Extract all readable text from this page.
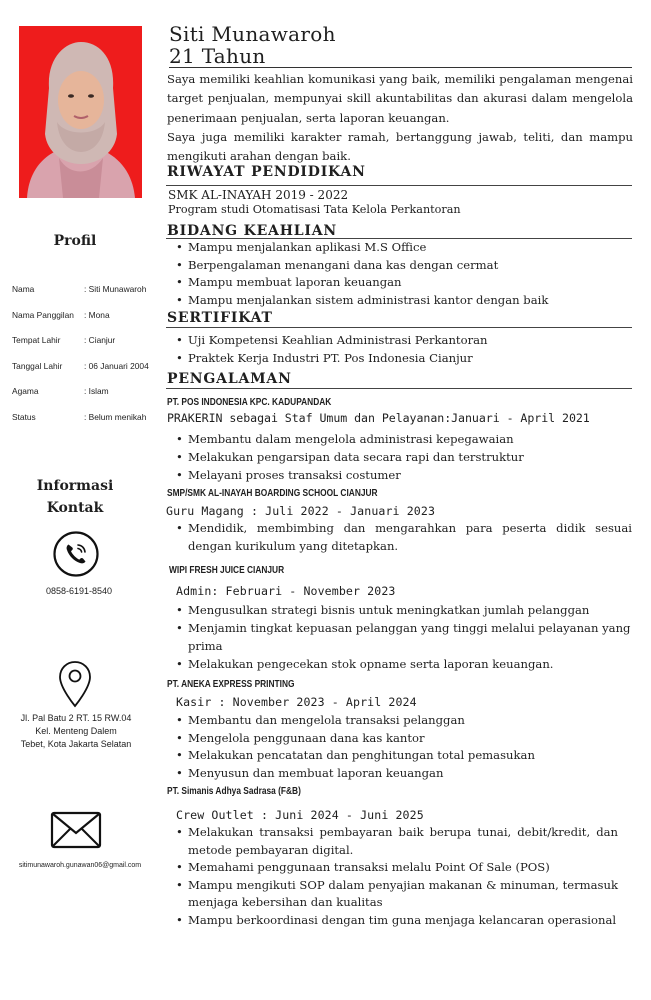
Profil
Nama	: Siti Munawaroh
Nama Panggilan	: Mona
Tempat Lahir	: Cianjur
Tanggal Lahir	: 06 Januari 2004
Agama	: Islam
Status	: Belum menikah
Informasi
Kontak
0858-6191-8540
Jl. Pal Batu 2 RT. 15 RW.04
Kel. Menteng Dalem
Tebet, Kota Jakarta Selatan
sitimunawaroh.gunawan06@gmail.com
Siti Munawaroh
21 Tahun

Saya memiliki keahlian komunikasi yang baik, memiliki pengalaman mengenai target penjualan, mempunyai skill akuntabilitas dan akurasi dalam mengelola penerimaan penjualan, serta laporan keuangan.

Saya juga memiliki karakter ramah, bertanggung jawab, teliti, dan mampu mengikuti arahan dengan baik.

RIWAYAT PENDIDIKAN
SMK AL-INAYAH 2019 - 2022
Program studi Otomatisasi Tata Kelola Perkantoran
BIDANG KEAHLIAN
• Mampu menjalankan aplikasi M.S Office
• Berpengalaman menangani dana kas dengan cermat
• Mampu membuat laporan keuangan
• Mampu menjalankan sistem administrasi kantor dengan baik
SERTIFIKAT
• Uji Kompetensi Keahlian Administrasi Perkantoran
• Praktek Kerja Industri PT. Pos Indonesia Cianjur
PENGALAMAN
PT. POS INDONESIA KPC. KADUPANDAK
PRAKERIN sebagai Staf Umum dan Pelayanan:Januari - April 2021
• Membantu dalam mengelola administrasi kepegawaian
• Melakukan pengarsipan data secara rapi dan terstruktur
• Melayani proses transaksi costumer
SMP/SMK AL-INAYAH BOARDING SCHOOL CIANJUR
Guru Magang : Juli 2022 - Januari 2023
• Mendidik, membimbing dan mengarahkan para peserta didik sesuai dengan kurikulum yang ditetapkan.
WIPI FRESH JUICE CIANJUR
Admin: Februari - November 2023
• Mengusulkan strategi bisnis untuk meningkatkan jumlah pelanggan
• Menjamin tingkat kepuasan pelanggan yang tinggi melalui pelayanan yang prima
• Melakukan pengecekan stok opname serta laporan keuangan.
PT. ANEKA EXPRESS PRINTING
Kasir : November 2023 - April 2024
• Membantu dan mengelola transaksi pelanggan
• Mengelola penggunaan dana kas kantor
• Melakukan pencatatan dan penghitungan total pemasukan
• Menyusun dan membuat laporan keuangan
PT. Simanis Adhya Sadrasa (F&B)
Crew Outlet : Juni 2024 - Juni 2025
• Melakukan transaksi pembayaran baik berupa tunai, debit/kredit, dan metode pembayaran digital.
• Memahami penggunaan transaksi melalu Point Of Sale (POS)
• Mampu mengikuti SOP dalam penyajian makanan & minuman, termasuk menjaga kebersihan dan kualitas
• Mampu berkoordinasi dengan tim guna menjaga kelancaran operasional
